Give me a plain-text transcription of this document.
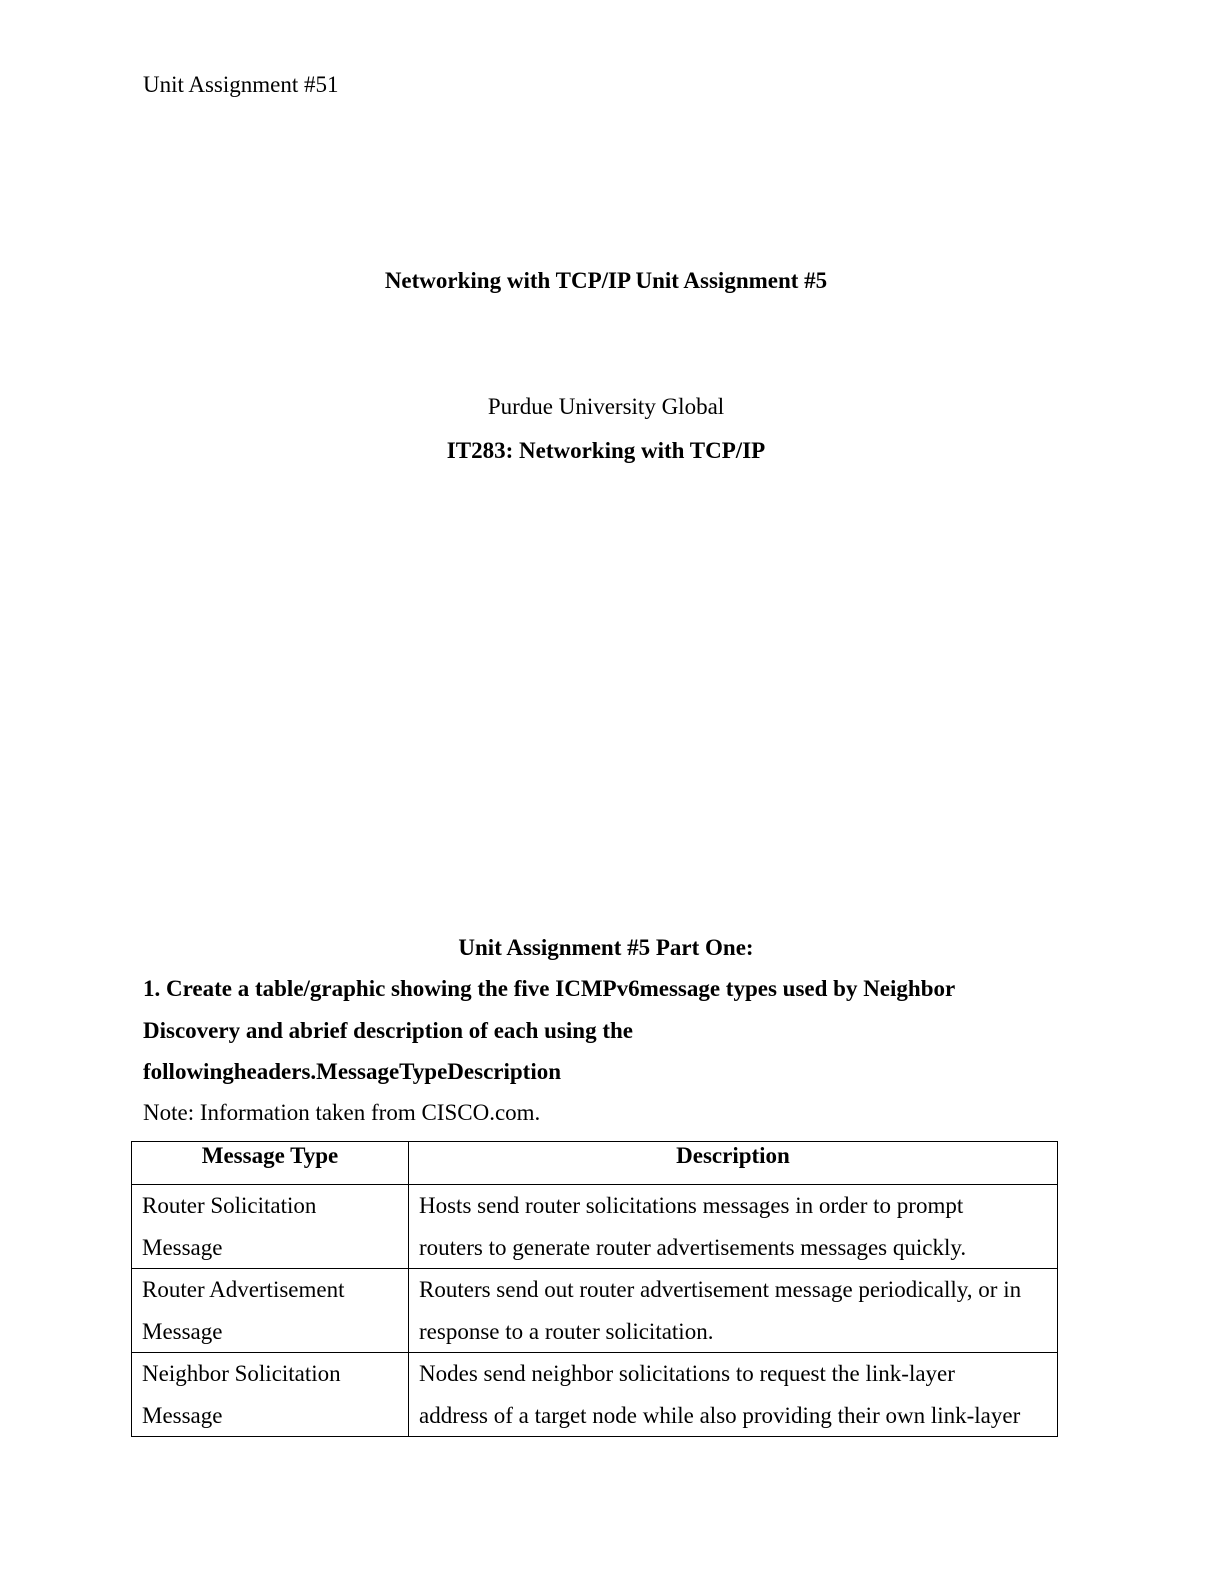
Unit Assignment #51
Networking with TCP/IP Unit Assignment #5
Purdue University Global
IT283: Networking with TCP/IP
Unit Assignment #5 Part One:
1. Create a table/graphic showing the five ICMPv6message types used by Neighbor
Discovery and abrief description of each using the
followingheaders.MessageTypeDescription
Note: Information taken from CISCO.com.
Message Type	Description

Router Solicitation
Message	Hosts send router solicitations messages in order to prompt
routers to generate router advertisements messages quickly.

Router Advertisement
Message	Routers send out router advertisement message periodically, or in
response to a router solicitation.

Neighbor Solicitation
Message	Nodes send neighbor solicitations to request the link-layer
address of a target node while also providing their own link-layer
